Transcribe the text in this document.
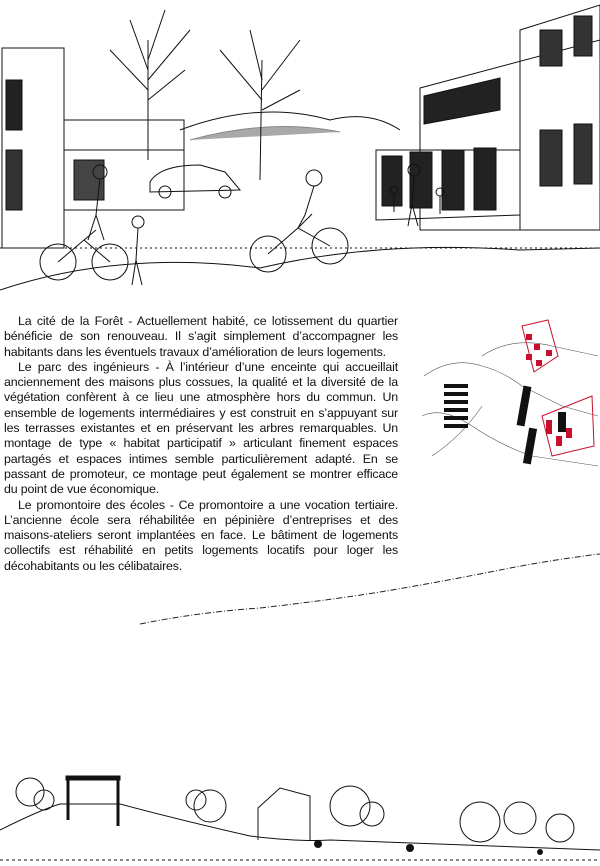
La cité de la Forêt - Actuellement habité, ce lotissement du quartier bénéficie de son renouveau. Il s’agit simplement d’accompagner les habitants dans les éventuels travaux d’amélioration de leurs logements.

Le parc des ingénieurs - À l’intérieur d’une enceinte qui accueillait anciennement des maisons plus cossues, la qualité et la diversité de la végétation confèrent à ce lieu une atmosphère hors du commun. Un ensemble de logements intermédiaires y est construit en s’appuyant sur les terrasses existantes et en préservant les arbres remarquables. Un montage de type « habitat participatif » articulant finement espaces partagés et espaces intimes semble particulièrement adapté. En se passant de promoteur, ce montage peut également se montrer efficace du point de vue économique.

Le promontoire des écoles - Ce promontoire a une vocation tertiaire. L’ancienne école sera réhabilitée en pépinière d’entreprises et des maisons-ateliers seront implantées en face. Le bâtiment de logements collectifs est réhabilité en petits logements locatifs pour loger les décohabitants ou les célibataires.
